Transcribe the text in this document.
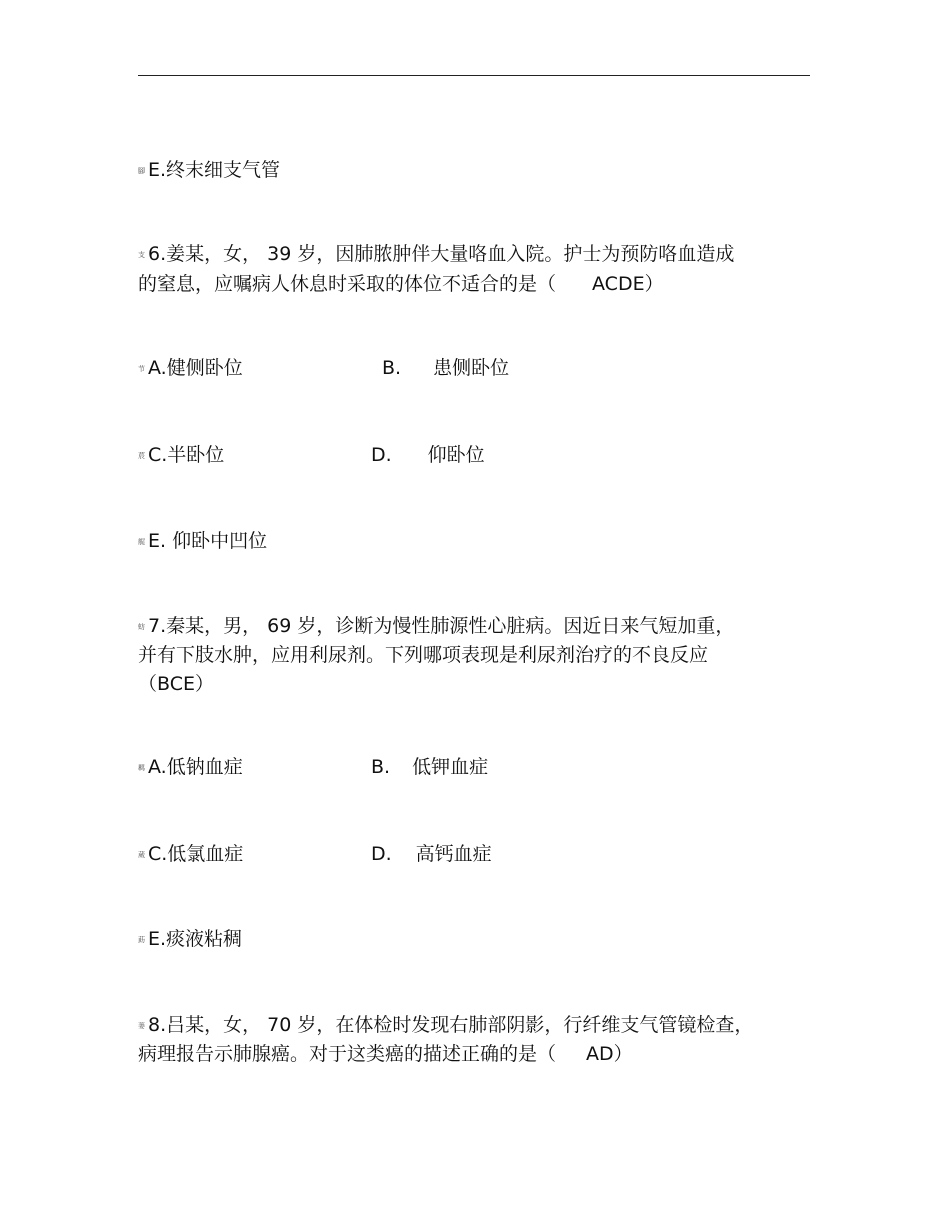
腳 E.终末细支气管
支 6.姜某，女， 39 岁，因肺脓肿伴大量咯血入院。护士为预防咯血造成
的窒息，应嘱病人休息时采取的体位不适合的是（ ACDE）
节 A.健侧卧位	B. 患侧卧位
莀 C.半卧位	D. 仰卧位
艉 E. 仰卧中凹位
蚄 7.秦某，男， 69 岁，诊断为慢性肺源性心脏病。因近日来气短加重，
并有下肢水肿，应用利尿剂。下列哪项表现是利尿剂治疗的不良反应
（BCE）
羁 A.低钠血症	B. 低钾血症
蒇 C.低氯血症	D. 高钙血症
莇 E.痰液粘稠
蒌 8.吕某，女， 70 岁，在体检时发现右肺部阴影，行纤维支气管镜检查，
病理报告示肺腺癌。对于这类癌的描述正确的是（ AD）
